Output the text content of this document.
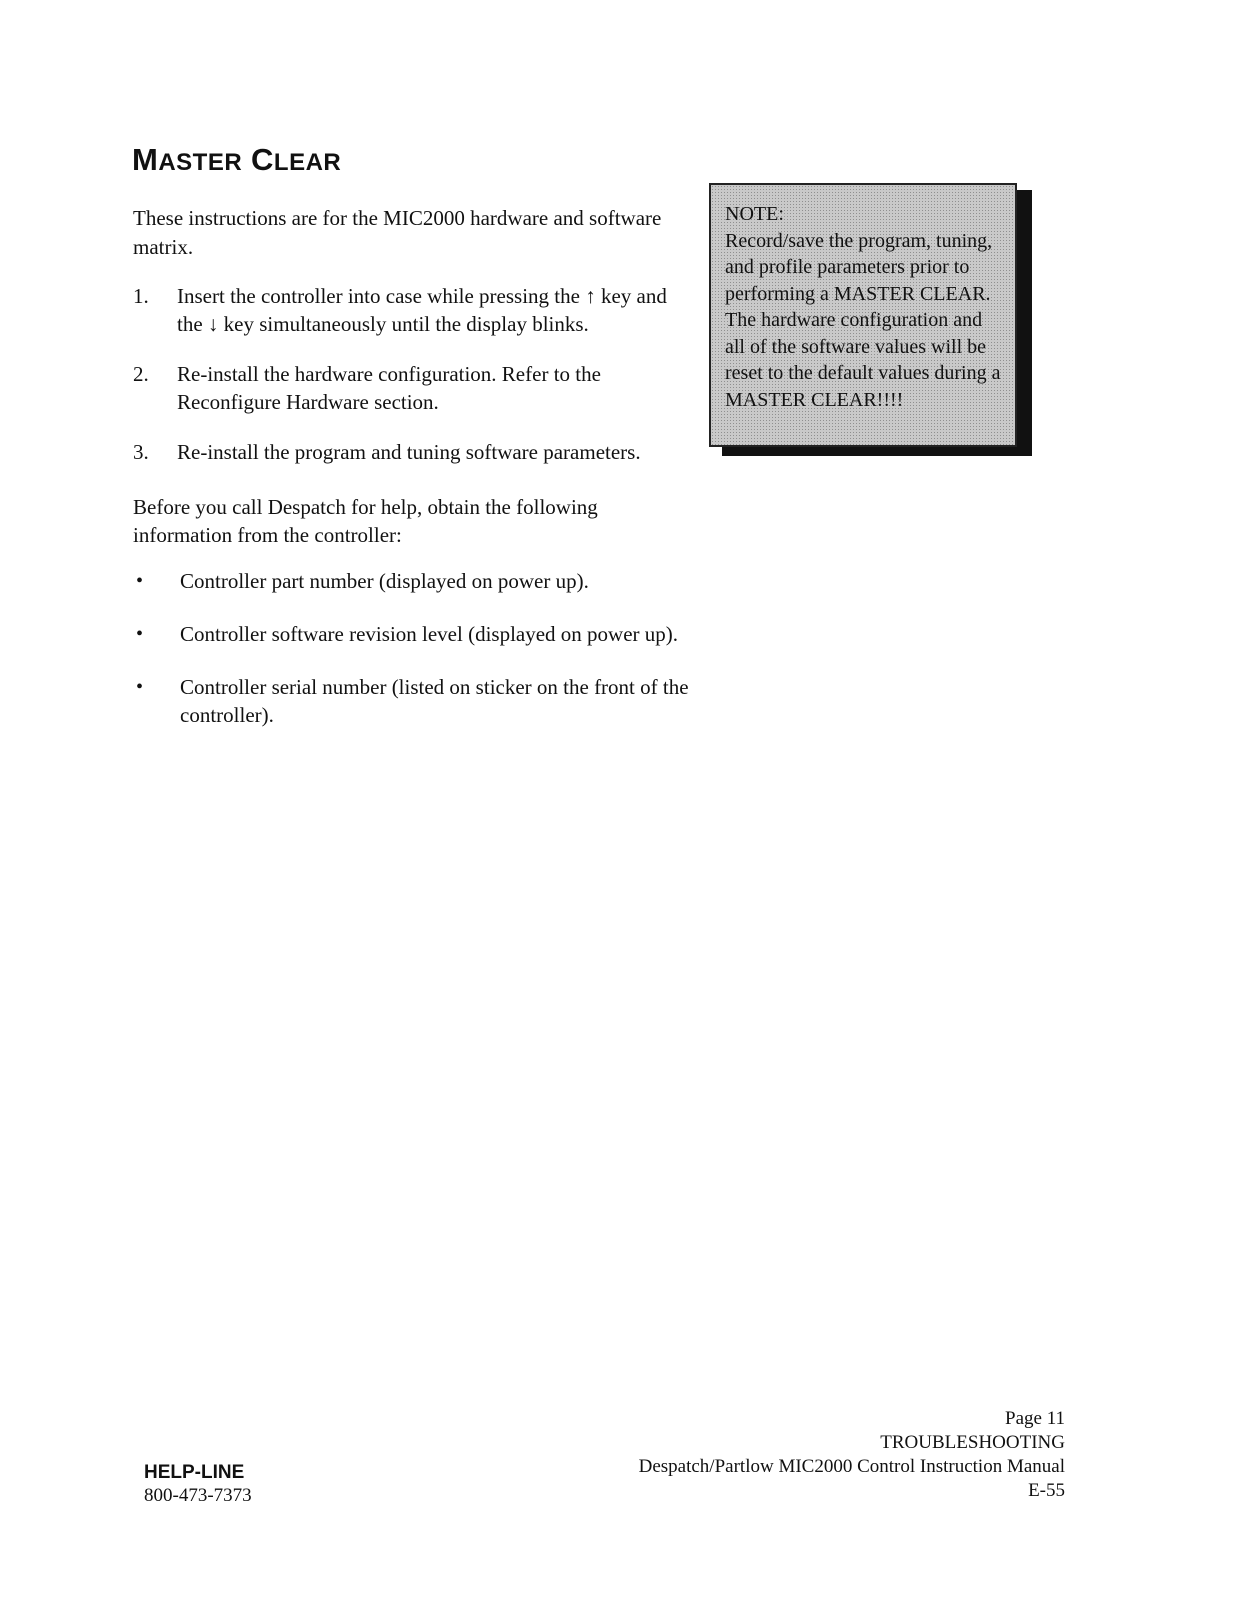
MASTER CLEAR
These instructions are for the MIC2000 hardware and software matrix.
1.	Insert the controller into case while pressing the ↑ key and the ↓ key simultaneously until the display blinks.
2.	Re-install the hardware configuration. Refer to the Reconfigure Hardware section.
3.	Re-install the program and tuning software parameters.
Before you call Despatch for help, obtain the following information from the controller:
•	Controller part number (displayed on power up).
•	Controller software revision level (displayed on power up).
•	Controller serial number (listed on sticker on the front of the controller).
NOTE:
Record/save the program, tuning, and profile parameters prior to performing a MASTER CLEAR. The hardware configuration and all of the software values will be reset to the default values during a MASTER CLEAR!!!!
HELP-LINE
800-473-7373
Page 11
TROUBLESHOOTING
Despatch/Partlow MIC2000 Control Instruction Manual
E-55
